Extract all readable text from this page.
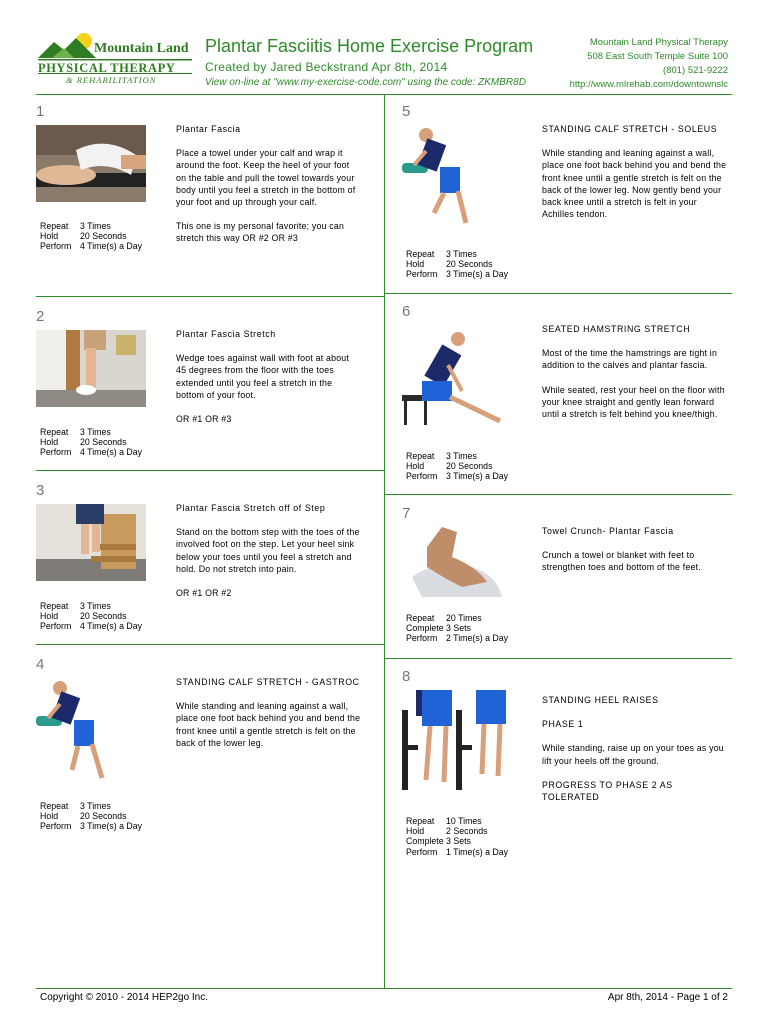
Mountain Land
PHYSICAL THERAPY
& REHABILITATION
Plantar Fasciitis Home Exercise Program
Created by Jared Beckstrand Apr 8th, 2014
View on-line at "www.my-exercise-code.com" using the code: ZKMBR8D
Mountain Land Physical Therapy
508 East South Temple Suite 100
(801) 521-9222
http://www.mlrehab.com/downtownslc
1
Repeat	3 Times
Hold	20 Seconds
Perform 4 Time(s) a Day

Plantar Fascia

Place a towel under your calf and wrap it around the foot. Keep the heel of your foot on the table and pull the towel towards your body until you feel a stretch in the bottom of your foot and up through your calf.

This one is my personal favorite; you can stretch this way OR #2 OR #3

2
Repeat	3 Times
Hold	20 Seconds
Perform 4 Time(s) a Day

Plantar Fascia Stretch

Wedge toes against wall with foot at about 45 degrees from the floor with the toes extended until you feel a stretch in the bottom of your foot.

OR #1 OR #3

3
Repeat	3 Times
Hold	20 Seconds
Perform 4 Time(s) a Day

Plantar Fascia Stretch off of Step

Stand on the bottom step with the toes of the involved foot on the step. Let your heel sink below your toes until you feel a stretch and hold. Do not stretch into pain.

OR #1 OR #2

4
Repeat	3 Times
Hold	20 Seconds
Perform 3 Time(s) a Day

STANDING CALF STRETCH - GASTROC

While standing and leaning against a wall, place one foot back behind you and bend the front knee until a gentle stretch is felt on the back of the lower leg.

5
Repeat	3 Times
Hold	20 Seconds
Perform 3 Time(s) a Day

STANDING CALF STRETCH - SOLEUS

While standing and leaning against a wall, place one foot back behind you and bend the front knee until a gentle stretch is felt on the back of the lower leg. Now gently bend your back knee until a stretch is felt in your Achilles tendon.

6
Repeat	3 Times
Hold	20 Seconds
Perform 3 Time(s) a Day

SEATED HAMSTRING STRETCH

Most of the time the hamstrings are tight in addition to the calves and plantar fascia.

While seated, rest your heel on the floor with your knee straight and gently lean forward until a stretch is felt behind you knee/thigh.

7
Repeat	20 Times
Complete 3 Sets
Perform 2 Time(s) a Day

Towel Crunch- Plantar Fascia

Crunch a towel or blanket with feet to strengthen toes and bottom of the feet.

8
Repeat	10 Times
Hold	2 Seconds
Complete 3 Sets
Perform 1 Time(s) a Day

STANDING HEEL RAISES

PHASE 1

While standing, raise up on your toes as you lift your heels off the ground.

PROGRESS TO PHASE 2 AS TOLERATED

Copyright © 2010 - 2014 HEP2go Inc.	Apr 8th, 2014 - Page 1 of 2
